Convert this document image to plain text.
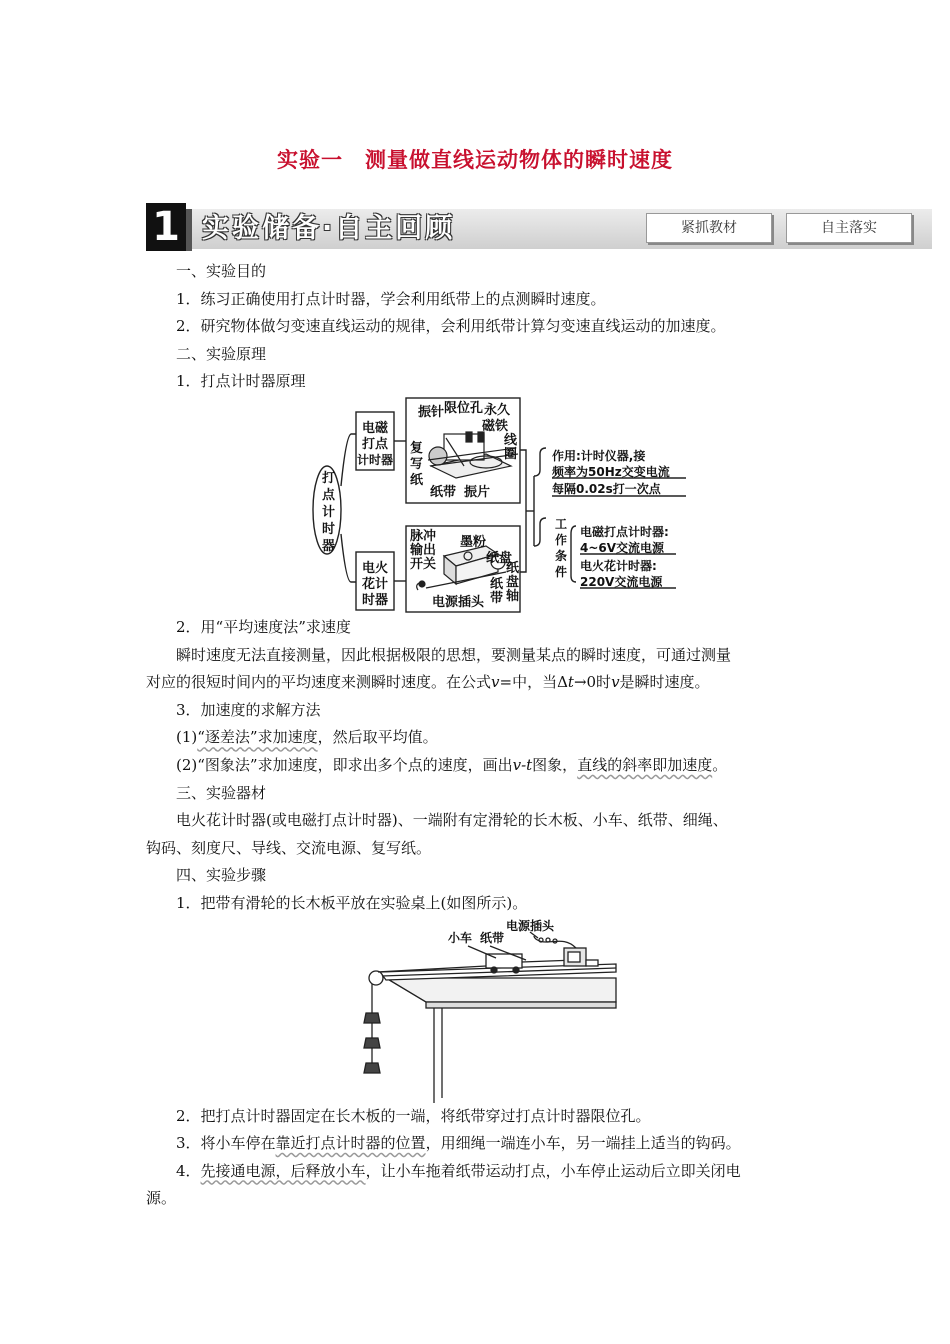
实验一　测量做直线运动物体的瞬时速度
1 实验储备·自主回顾	紧抓教材	自主落实

一、实验目的

1．练习正确使用打点计时器，学会利用纸带上的点测瞬时速度。

2．研究物体做匀变速直线运动的规律，会利用纸带计算匀变速直线运动的加速度。

二、实验原理

1．打点计时器原理

打
点
计
时
器
电磁
打点
计时器
电火
花计
时器
振针 限位孔 永久
磁铁
线
圈
复
写
纸
纸带 振片
脉冲
输出
开关
墨粉
纸盘
纸
盘
轴
纸
带
电源插头
作用:计时仪器,接
频率为50Hz交变电流
每隔0.02s打一次点
工
作
条
件
电磁打点计时器:
4~6V交流电源
电火花计时器:
220V交流电源

2．用“平均速度法”求速度

瞬时速度无法直接测量，因此根据极限的思想，要测量某点的瞬时速度，可通过测量

对应的很短时间内的平均速度来测瞬时速度。在公式v=中，当Δt→0时v是瞬时速度。

3．加速度的求解方法

(1)“逐差法”求加速度，然后取平均值。

(2)“图象法”求加速度，即求出多个点的速度，画出v-t图象，直线的斜率即加速度。

三、实验器材

电火花计时器(或电磁打点计时器)、一端附有定滑轮的长木板、小车、纸带、细绳、

钩码、刻度尺、导线、交流电源、复写纸。

四、实验步骤

1．把带有滑轮的长木板平放在实验桌上(如图所示)。

小车 纸带
电源插头

2．把打点计时器固定在长木板的一端，将纸带穿过打点计时器限位孔。

3．将小车停在靠近打点计时器的位置，用细绳一端连小车，另一端挂上适当的钩码。

4．先接通电源，后释放小车，让小车拖着纸带运动打点，小车停止运动后立即关闭电

源。
